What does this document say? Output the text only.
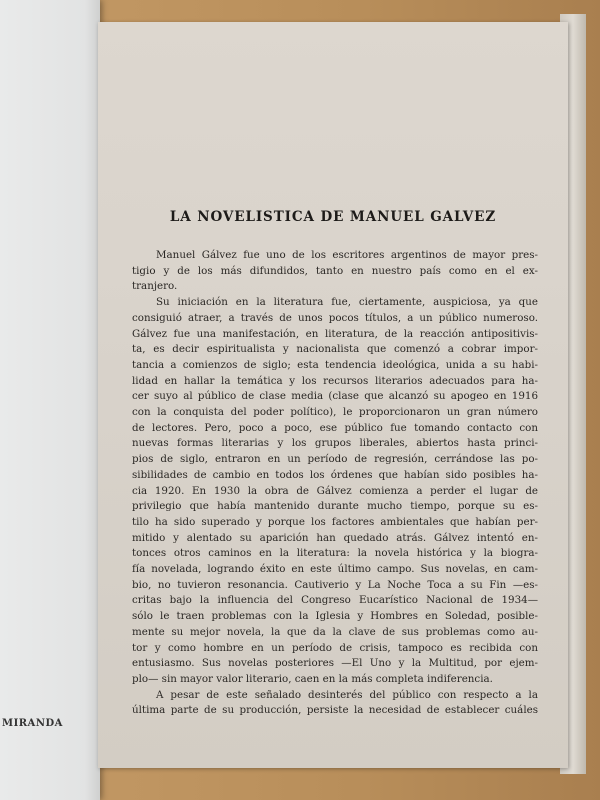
MIRANDA
LA NOVELISTICA DE MANUEL GALVEZ
Manuel Gálvez fue uno de los escritores argentinos de mayor pres-
tigio y de los más difundidos, tanto en nuestro país como en el ex-
tranjero.
Su iniciación en la literatura fue, ciertamente, auspiciosa, ya que
consiguió atraer, a través de unos pocos títulos, a un público numeroso.
Gálvez fue una manifestación, en literatura, de la reacción antipositivis-
ta, es decir espiritualista y nacionalista que comenzó a cobrar impor-
tancia a comienzos de siglo; esta tendencia ideológica, unida a su habi-
lidad en hallar la temática y los recursos literarios adecuados para ha-
cer suyo al público de clase media (clase que alcanzó su apogeo en 1916
con la conquista del poder político), le proporcionaron un gran número
de lectores. Pero, poco a poco, ese público fue tomando contacto con
nuevas formas literarias y los grupos liberales, abiertos hasta princi-
pios de siglo, entraron en un período de regresión, cerrándose las po-
sibilidades de cambio en todos los órdenes que habían sido posibles ha-
cia 1920. En 1930 la obra de Gálvez comienza a perder el lugar de
privilegio que había mantenido durante mucho tiempo, porque su es-
tilo ha sido superado y porque los factores ambientales que habían per-
mitido y alentado su aparición han quedado atrás. Gálvez intentó en-
tonces otros caminos en la literatura: la novela histórica y la biogra-
fía novelada, logrando éxito en este último campo. Sus novelas, en cam-
bio, no tuvieron resonancia. Cautiverio y La Noche Toca a su Fin —es-
critas bajo la influencia del Congreso Eucarístico Nacional de 1934—
sólo le traen problemas con la Iglesia y Hombres en Soledad, posible-
mente su mejor novela, la que da la clave de sus problemas como au-
tor y como hombre en un período de crisis, tampoco es recibida con
entusiasmo. Sus novelas posteriores —El Uno y la Multitud, por ejem-
plo— sin mayor valor literario, caen en la más completa indiferencia.
A pesar de este señalado desinterés del público con respecto a la
última parte de su producción, persiste la necesidad de establecer cuáles
